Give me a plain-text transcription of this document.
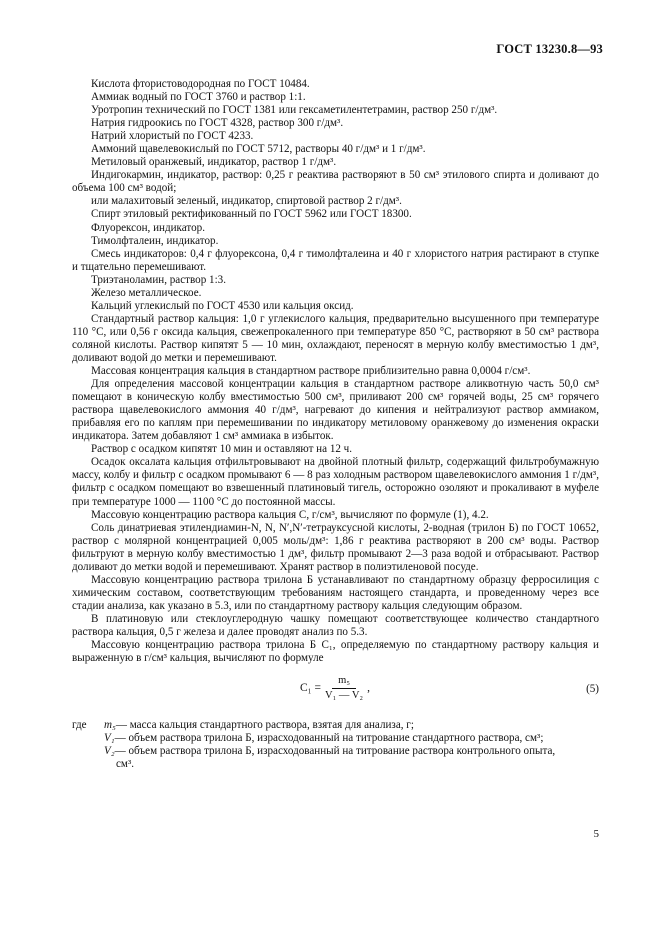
ГОСТ 13230.8—93

Кислота фтористоводородная по ГОСТ 10484.

Аммиак водный по ГОСТ 3760 и раствор 1:1.

Уротропин технический по ГОСТ 1381 или гексаметилентетрамин, раствор 250 г/дм³.

Натрия гидроокись по ГОСТ 4328, раствор 300 г/дм³.

Натрий хлористый по ГОСТ 4233.

Аммоний щавелевокислый по ГОСТ 5712, растворы 40 г/дм³ и 1 г/дм³.

Метиловый оранжевый, индикатор, раствор 1 г/дм³.

Индигокармин, индикатор, раствор: 0,25 г реактива растворяют в 50 см³ этилового спирта и доливают до объема 100 см³ водой;

или малахитовый зеленый, индикатор, спиртовой раствор 2 г/дм³.

Спирт этиловый ректификованный по ГОСТ 5962 или ГОСТ 18300.

Флуорексон, индикатор.

Тимолфталеин, индикатор.

Смесь индикаторов: 0,4 г флуорексона, 0,4 г тимолфталеина и 40 г хлористого натрия растирают в ступке и тщательно перемешивают.

Триэтаноламин, раствор 1:3.

Железо металлическое.

Кальций углекислый по ГОСТ 4530 или кальция оксид.

Стандартный раствор кальция: 1,0 г углекислого кальция, предварительно высушенного при температуре 110 °С, или 0,56 г оксида кальция, свежепрокаленного при температуре 850 °С, растворяют в 50 см³ раствора соляной кислоты. Раствор кипятят 5 — 10 мин, охлаждают, переносят в мерную колбу вместимостью 1 дм³, доливают водой до метки и перемешивают.

Массовая концентрация кальция в стандартном растворе приблизительно равна 0,0004 г/см³.

Для определения массовой концентрации кальция в стандартном растворе аликвотную часть 50,0 см³ помещают в коническую колбу вместимостью 500 см³, приливают 200 см³ горячей воды, 25 см³ горячего раствора щавелевокислого аммония 40 г/дм³, нагревают до кипения и нейтрализуют раствор аммиаком, прибавляя его по каплям при перемешивании по индикатору метиловому оранжевому до изменения окраски индикатора. Затем добавляют 1 см³ аммиака в избыток.

Раствор с осадком кипятят 10 мин и оставляют на 12 ч.

Осадок оксалата кальция отфильтровывают на двойной плотный фильтр, содержащий фильтробумажную массу, колбу и фильтр с осадком промывают 6 — 8 раз холодным раствором щавелевокислого аммония 1 г/дм³, фильтр с осадком помещают во взвешенный платиновый тигель, осторожно озоляют и прокаливают в муфеле при температуре 1000 — 1100 °С до постоянной массы.

Массовую концентрацию раствора кальция С, г/см³, вычисляют по формуле (1), 4.2.

Соль динатриевая этилендиамин-N, N, N′,N′-тетрауксусной кислоты, 2-водная (трилон Б) по ГОСТ 10652, раствор с молярной концентрацией 0,005 моль/дм³: 1,86 г реактива растворяют в 200 см³ воды. Раствор фильтруют в мерную колбу вместимостью 1 дм³, фильтр промывают 2—3 раза водой и отбрасывают. Раствор доливают до метки водой и перемешивают. Хранят раствор в полиэтиленовой посуде.

Массовую концентрацию раствора трилона Б устанавливают по стандартному образцу ферросилиция с химическим составом, соответствующим требованиям настоящего стандарта, и проведенному через все стадии анализа, как указано в 5.3, или по стандартному раствору кальция следующим образом.

В платиновую или стеклоуглеродную чашку помещают соответствующее количество стандартного раствора кальция, 0,5 г железа и далее проводят анализ по 5.3.

Массовую концентрацию раствора трилона Б С₁, определяемую по стандартному раствору кальция и выраженную в г/см³ кальция, вычисляют по формуле

$C_1 = \frac{\text{m₅}}{\text{V₁ — V₂}}$ ,	(5)
где	m₅ — масса кальция стандартного раствора, взятая для анализа, г;
V₁ — объем раствора трилона Б, израсходованный на титрование стандартного раствора, см³;
V₂ — объем раствора трилона Б, израсходованный на титрование раствора контрольного опыта,
см³.
5
